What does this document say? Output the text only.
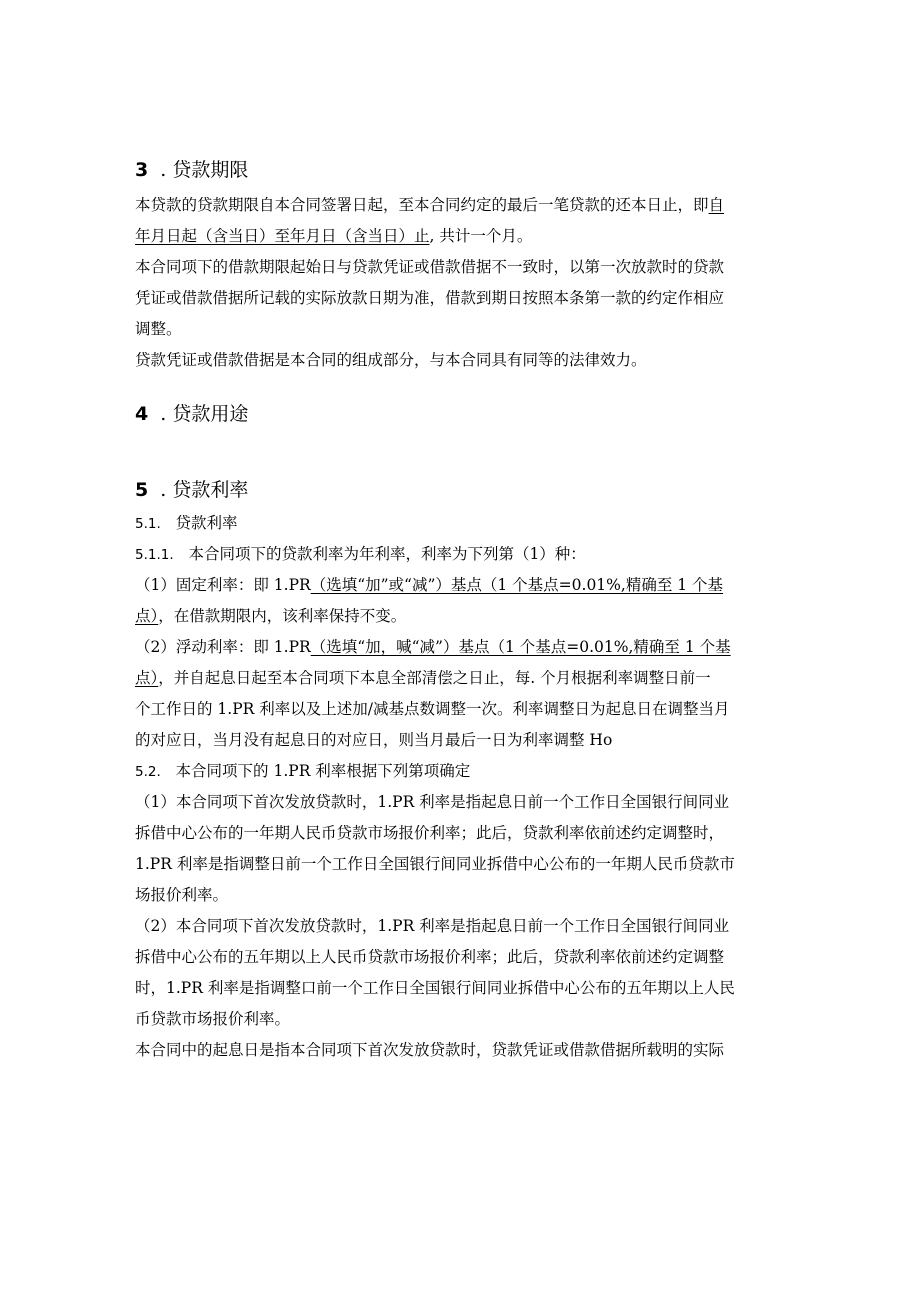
3 . 贷款期限
本贷款的贷款期限自本合同签署日起，至本合同约定的最后一笔贷款的还本日止，即自
年月日起（含当日）至年月日（含当日）止, 共计一个月。
本合同项下的借款期限起始日与贷款凭证或借款借据不一致时，以第一次放款时的贷款
凭证或借款借据所记载的实际放款日期为准，借款到期日按照本条第一款的约定作相应
调整。
贷款凭证或借款借据是本合同的组成部分，与本合同具有同等的法律效力。
4 . 贷款用途
5 . 贷款利率
5.1. 贷款利率
5.1.1. 本合同项下的贷款利率为年利率，利率为下列第（1）种：
（1）固定利率：即 1.PR（选填“加”或“减”）基点（1 个基点=0.01%,精确至 1 个基
点），在借款期限内，该利率保持不变。
（2）浮动利率：即 1.PR（选填“加，喊“减”）基点（1 个基点=0.01%,精确至 1 个基
点），并自起息日起至本合同项下本息全部清偿之日止，每. 个月根据利率调整日前一
个工作日的 1.PR 利率以及上述加/减基点数调整一次。利率调整日为起息日在调整当月
的对应日，当月没有起息日的对应日，则当月最后一日为利率调整 Ho
5.2. 本合同项下的 1.PR 利率根据下列第项确定
（1）本合同项下首次发放贷款时，1.PR 利率是指起息日前一个工作日全国银行间同业
拆借中心公布的一年期人民币贷款市场报价利率；此后，贷款利率依前述约定调整时，
1.PR 利率是指调整日前一个工作日全国银行间同业拆借中心公布的一年期人民币贷款市
场报价利率。
（2）本合同项下首次发放贷款时，1.PR 利率是指起息日前一个工作日全国银行间同业
拆借中心公布的五年期以上人民币贷款市场报价利率；此后，贷款利率依前述约定调整
时，1.PR 利率是指调整口前一个工作日全国银行间同业拆借中心公布的五年期以上人民
币贷款市场报价利率。
本合同中的起息日是指本合同项下首次发放贷款时，贷款凭证或借款借据所载明的实际
